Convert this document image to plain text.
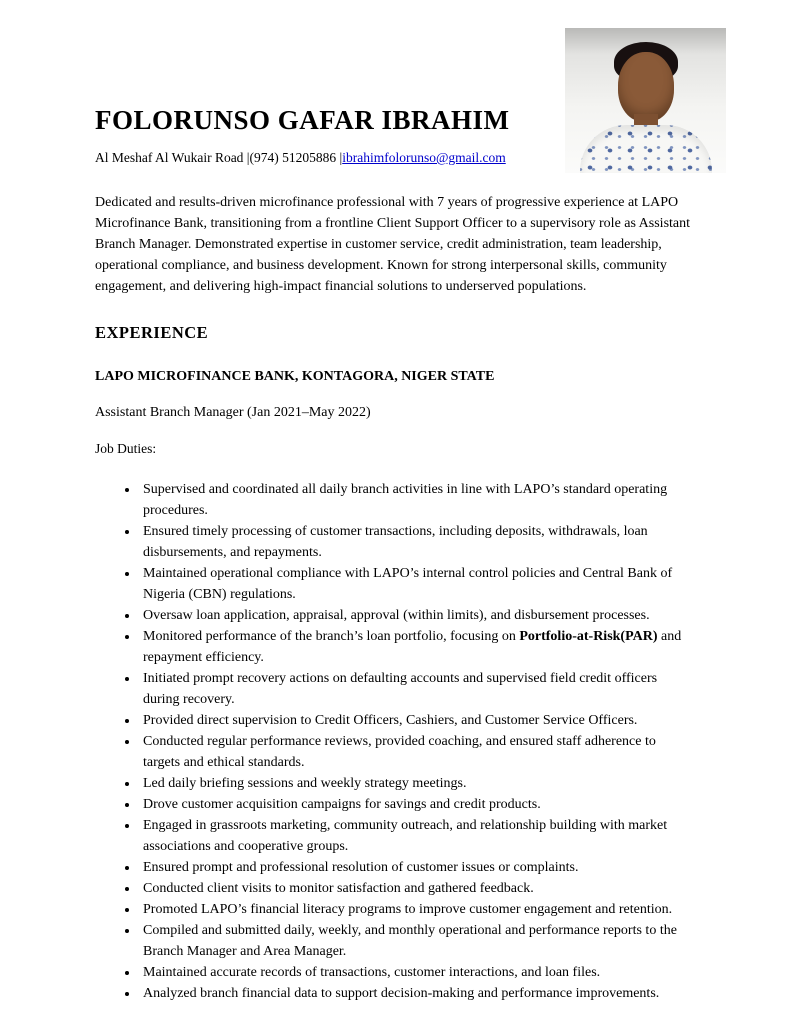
FOLORUNSO GAFAR IBRAHIM
Al Meshaf Al Wukair Road |(974) 51205886 |ibrahimfolorunso@gmail.com

Dedicated and results-driven microfinance professional with 7 years of progressive experience at LAPO Microfinance Bank, transitioning from a frontline Client Support Officer to a supervisory role as Assistant Branch Manager. Demonstrated expertise in customer service, credit administration, team leadership, operational compliance, and business development. Known for strong interpersonal skills, community engagement, and delivering high-impact financial solutions to underserved populations.

EXPERIENCE
LAPO MICROFINANCE BANK, KONTAGORA, NIGER STATE
Assistant Branch Manager (Jan 2021–May 2022)
Job Duties:
• Supervised and coordinated all daily branch activities in line with LAPO’s standard operating procedures.
• Ensured timely processing of customer transactions, including deposits, withdrawals, loan disbursements, and repayments.
• Maintained operational compliance with LAPO’s internal control policies and Central Bank of Nigeria (CBN) regulations.
• Oversaw loan application, appraisal, approval (within limits), and disbursement processes.
• Monitored performance of the branch’s loan portfolio, focusing on Portfolio-at-Risk(PAR) and repayment efficiency.
• Initiated prompt recovery actions on defaulting accounts and supervised field credit officers during recovery.
• Provided direct supervision to Credit Officers, Cashiers, and Customer Service Officers.
• Conducted regular performance reviews, provided coaching, and ensured staff adherence to targets and ethical standards.
• Led daily briefing sessions and weekly strategy meetings.
• Drove customer acquisition campaigns for savings and credit products.
• Engaged in grassroots marketing, community outreach, and relationship building with market associations and cooperative groups.
• Ensured prompt and professional resolution of customer issues or complaints.
• Conducted client visits to monitor satisfaction and gathered feedback.
• Promoted LAPO’s financial literacy programs to improve customer engagement and retention.
• Compiled and submitted daily, weekly, and monthly operational and performance reports to the Branch Manager and Area Manager.
• Maintained accurate records of transactions, customer interactions, and loan files.
• Analyzed branch financial data to support decision-making and performance improvements.
